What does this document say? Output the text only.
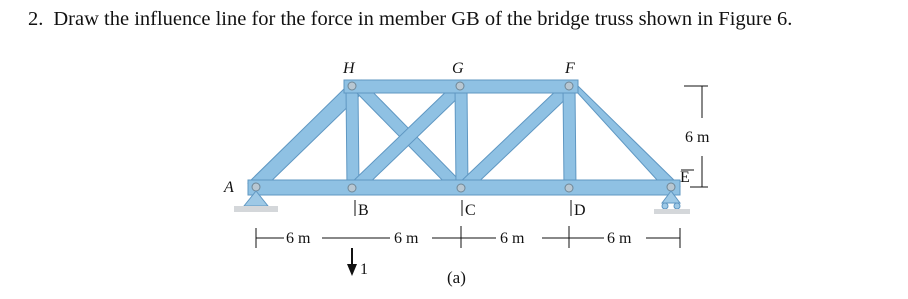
2. Draw the influence line for the force in member GB of the bridge truss shown in Figure 6.
H	G	F
A
B	C	D
E
6 m	6 m	6 m	6 m
6 m
1	(a)
